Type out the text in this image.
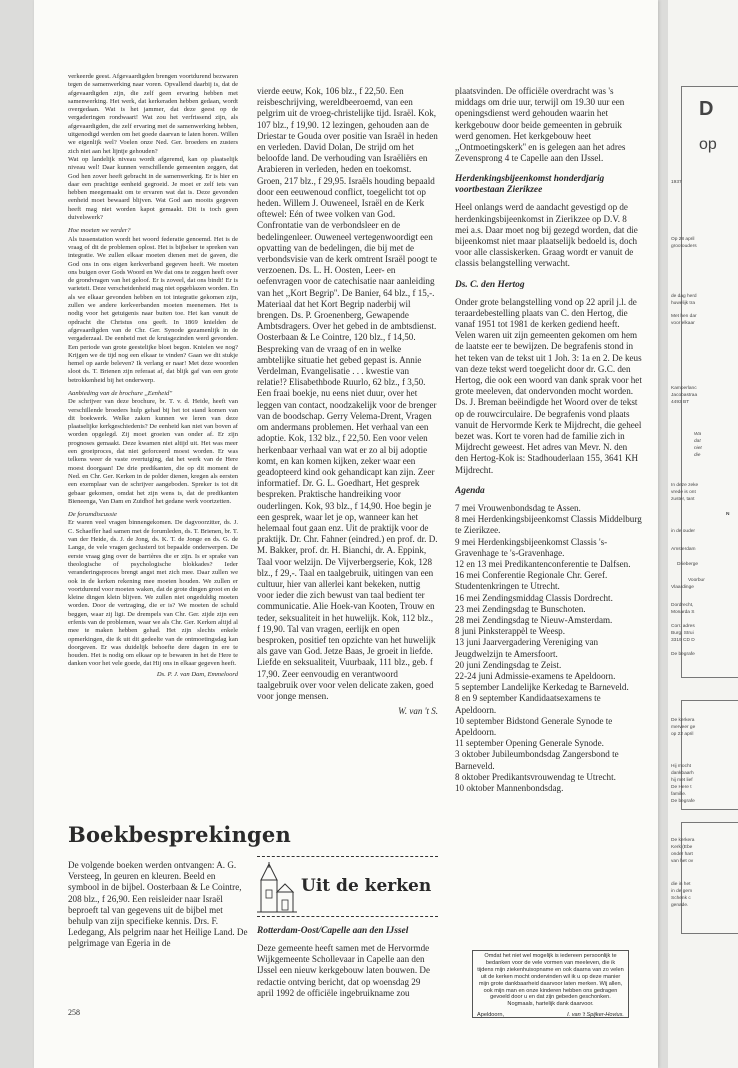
verkeerde geest. Afgevaardigden brengen voortdurend bezwaren tegen de samenwerking naar voren. Opvallend daarbij is, dat de afgevaardigden zijn, die zelf geen ervaring hebben met samenwerking. Het werk, dat kerkeraden hebben gedaan, wordt overgedaan. Wat is het jammer, dat deze geest op de vergaderingen rondwaart! Wat zou het verfrissend zijn, als afgevaardigden, die zelf ervaring met de samenwerking hebben, uitgenodigd werden om het goede daarvan te laten horen. Willen we eigenlijk wel? Voelen onze Ned. Ger. broeders en zusters zich niet aan het lijntje gehouden?

Wat op landelijk niveau wordt afgeremd, kan op plaatselijk niveau wel! Daar kunnen verschillende gemeenten zeggen, dat God hen zover heeft gebracht in de samenwerking. Er is hier en daar een prachtige eenheid gegroeid. Je moet er zelf iets van hebben meegemaakt om te ervaren wat dat is. Deze gevonden eenheid moet bewaard blijven. Wat God aan mooits gegeven heeft mag niet worden kapot gemaakt. Dit is toch geen duivelswerk?

Hoe moeten we verder?

Als tussenstation wordt het woord federatie genoemd. Het is de vraag of dit de problemen oplost. Het is bijbelser te spreken van integratie. We zullen elkaar moeten dienen met de gaven, die God ons in ons eigen kerkverband gegeven heeft. We moeten ons buigen over Gods Woord en We dat ons te zeggen heeft over de grondvragen van het geloof. Er is zoveel, dat ons bindt! Er is varieteit. Deze verscheidenheid mag niet opgeblazen worden. En als we elkaar gevonden hebben en tot integratie gekomen zijn, zullen we andere kerkverbanden moeten meenemen. Het is nodig voor het getuigenis naar buiten toe. Het kan vanuit de opdracht die Christus ons geeft. In 1869 knielden de afgevaardigden van de Chr. Ger. Synode gezamenlijk in de vergaderzaal. De eenheid met de kruisgezinden werd gevonden. Een periode van grote geestelijke bloei begon. Knielen we nog? Krijgen we de tijd nog een elkaar te vinden? Gaan we dit stukje hemel op aarde beleven? Ik verlang er naar! Met deze woorden sloot ds. T. Brienen zijn referaat af, dat blijk gaf van een grote betrokkenheid bij het onderwerp.

Aanbieding van de brochure ,,Eenheid''

De schrijver van deze brochure, br. T. v. d. Heide, heeft van verschillende broeders hulp gehad bij het tot stand komen van dit boekwerk. Welke zaken kunnen we leren van deze plaatselijke kerkgeschiedenis? De eenheid kan niet van boven af worden opgelegd. Zij moet groeien van onder af. Er zijn prognoses gemaakt. Deze kwamen niet altijd uit. Het was meer een groeiproces, dat niet geforceerd moest worden. Er was telkens weer de vaste overtuiging, dat het werk van de Here moest doorgaan! De drie predikanten, die op dit moment de Ned. en Chr. Ger. Kerken in de polder dienen, kregen als eersten een exemplaar van de schrijver aangeboden. Spreker is tot dit gebaar gekomen, omdat het zijn wens is, dat de predikanten Bieneenga, Van Dam en Zuidhof het gedane werk voortzetten.

De forumdiscussie

Er waren veel vragen binnengekomen. De dagvoorzitter, ds. J. C. Schaeffer had samen met de forumleden, ds. T. Brienen, br. T. van der Heide, ds. J. de Jong, ds. K. T. de Jonge en ds. G. de Lange, de vele vragen geclusterd tot bepaalde onderwerpen. De eerste vraag ging over de barrières die er zijn. Is er sprake van theologische of psychologische blokkades? Ieder veranderingsproces brengt angst met zich mee. Daar zullen we ook in de kerken rekening mee moeten houden. We zullen er voortdurend voor moeten waken, dat de grote dingen groot en de kleine dingen klein blijven. We zullen niet ongeduldig moeten worden. Door de vertraging, die er is? We moeten de schuld beggen, waar zij ligt. De drempels van Chr. Ger. zijde zijn een erfenis van de problemen, waar we als Chr. Ger. Kerken altijd al mee te maken hebben gehad. Het zijn slechts enkele opmerkingen, die ik uit dit gedeelte van de ontmoetingsdag kan doorgeven. Er was duidelijk behoefte dere dagen in ere te houden. Het is nodig om elkaar op te bewaren in het de Here te danken voor het vele goede, dat Hij ons in elkaar gegeven heeft.

Ds. P. J. van Dam, Emmeloord

Boekbesprekingen

De volgende boeken werden ontvangen: A. G. Versteeg, In geuren en kleuren. Beeld en symbool in de bijbel. Oosterbaan & Le Cointre, 208 blz., f 26,90. Een reisleider naar Israël beproeft tal van gegevens uit de bijbel met behulp van zijn specifieke kennis. Drs. F. Ledegang, Als pelgrim naar het Heilige Land. De pelgrimage van Egeria in de

258

vierde eeuw, Kok, 106 blz., f 22,50. Een reisbeschrijving, wereldbeeroemd, van een pelgrim uit de vroeg-christelijke tijd. Israël. Kok, 107 blz., f 19,90. 12 lezingen, gehouden aan de Driestar te Gouda over positie van Israël in heden en verleden. David Dolan, De strijd om het beloofde land. De verhouding van Israëliërs en Arabieren in verleden, heden en toekomst. Groen, 217 blz., f 29,95. Israëls houding bepaald door een eeuwenoud conflict, toegelicht tot op heden. Willem J. Ouweneel, Israël en de Kerk oftewel: Eén of twee volken van God. Confrontatie van de verbondsleer en de bedelingenleer. Ouweneel vertegenwoordigt een opvatting van de bedelingen, die bij met de verbondsvisie van de kerk omtrent Israël poogt te verzoenen. Ds. L. H. Oosten, Leer- en oefenvragen voor de catechisatie naar aanleiding van het ,,Kort Begrip''. De Banier, 64 blz., f 15,-. Materiaal dat het Kort Begrip naderbij wil brengen. Ds. P. Groenenberg, Gewapende Ambtsdragers. Over het gebed in de ambtsdienst. Oosterbaan & Le Cointre, 120 blz., f 14,50. Bespreking van de vraag of en in welke ambtelijke situatie het gebed gepast is. Annie Verdelman, Evangelisatie . . . kwestie van relatie!? Elisabethbode Ruurlo, 62 blz., f 3,50. Een fraai boekje, nu eens niet duur, over het leggen van contact, noodzakelijk voor de brenger van de boodschap. Gerry Velema-Drent, Vragen om andermans problemen. Het verhaal van een adoptie. Kok, 132 blz., f 22,50. Een voor velen herkenbaar verhaal van wat er zo al bij adoptie komt, en kan komen kijken, zeker waar een geadopteerd kind ook gehandicapt kan zijn. Zeer informatief. Dr. G. L. Goedhart, Het gesprek bespreken. Praktische handreiking voor ouderlingen. Kok, 93 blz., f 14,90. Hoe begin je een gesprek, waar let je op, wanneer kan het helemaal fout gaan enz. Uit de praktijk voor de praktijk. Dr. Chr. Fahner (eindred.) en prof. dr. D. M. Bakker, prof. dr. H. Bianchi, dr. A. Eppink, Taal voor welzijn. De Vijverbergserie, Kok, 128 blz., f 29,-. Taal en taalgebruik, uitingen van een cultuur, hier van allerlei kant bekeken, nuttig voor ieder die zich bewust van taal bedient ter communicatie. Alie Hoek-van Kooten, Trouw en teder, seksualiteit in het huwelijk. Kok, 112 blz., f 19,90. Tal van vragen, eerlijk en open besproken, positief ten opzichte van het huwelijk als gave van God. Jetze Baas, Je groeit in liefde. Liefde en seksualiteit, Vuurbaak, 111 blz., geb. f 17,90. Zeer eenvoudig en verantwoord taalgebruik over voor velen delicate zaken, goed voor jonge mensen.

W. van 't S.

Uit de kerken
Rotterdam-Oost/Capelle aan den IJssel

Deze gemeente heeft samen met de Hervormde Wijkgemeente Schollevaar in Capelle aan den IJssel een nieuw kerkgebouw laten bouwen. De redactie ontving bericht, dat op woensdag 29 april 1992 de officiële ingebruikname zou

plaatsvinden. De officiële overdracht was 's middags om drie uur, terwijl om 19.30 uur een openingsdienst werd gehouden waarin het kerkgebouw door beide gemeenten in gebruik werd genomen. Het kerkgebouw heet ,,Ontmoetingskerk'' en is gelegen aan het adres Zevensprong 4 te Capelle aan den IJssel.

Herdenkingsbijeenkomst honderdjarig voortbestaan Zierikzee

Heel onlangs werd de aandacht gevestigd op de herdenkingsbijeenkomst in Zierikzee op D.V. 8 mei a.s. Daar moet nog bij gezegd worden, dat die bijeenkomst niet maar plaatselijk bedoeld is, doch voor alle classiskerken. Graag wordt er vanuit de classis belangstelling verwacht.

Ds. C. den Hertog

Onder grote belangstelling vond op 22 april j.l. de teraardebestelling plaats van C. den Hertog, die vanaf 1951 tot 1981 de kerken gediend heeft. Velen waren uit zijn gemeenten gekomen om hem de laatste eer te bewijzen. De begrafenis stond in het teken van de tekst uit 1 Joh. 3: 1a en 2. De keus van deze tekst werd toegelicht door dr. G.C. den Hertog, die ook een woord van dank sprak voor het grote meeleven, dat ondervonden mocht worden. Ds. J. Breman beëindigde het Woord over de tekst op de rouwcirculaire. De begrafenis vond plaats vanuit de Hervormde Kerk te Mijdrecht, die geheel bezet was. Kort te voren had de familie zich in Mijdrecht geweest. Het adres van Mevr. N. den den Hertog-Kok is: Stadhouderlaan 155, 3641 KH Mijdrecht.

Agenda

7 mei Vrouwenbondsdag te Assen.

8 mei Herdenkingsbijeenkomst Classis Middelburg te Zierikzee.

9 mei Herdenkingsbijeenkomst Classis 's-Gravenhage te 's-Gravenhage.

12 en 13 mei Predikantenconferentie te Dalfsen.

16 mei Conferentie Regionale Chr. Geref. Studentenkringen te Utrecht.

16 mei Zendingsmiddag Classis Dordrecht.

23 mei Zendingsdag te Bunschoten.

28 mei Zendingsdag te Nieuw-Amsterdam.

8 juni Pinksterappèl te Weesp.

13 juni Jaarvergadering Vereniging van Jeugdwelzijn te Amersfoort.

20 juni Zendingsdag te Zeist.

22-24 juni Admissie-examens te Apeldoorn.

5 september Landelijke Kerkedag te Barneveld.

8 en 9 september Kandidaatsexamens te Apeldoorn.

10 september Bidstond Generale Synode te Apeldoorn.

11 september Opening Generale Synode.

3 oktober Jubileumbondsdag Zangersbond te Barneveld.

8 oktober Predikantsvrouwendag te Utrecht.

10 oktober Mannenbondsdag.

Omdat het niet wel mogelijk is iedereen persoonlijk te bedanken voor de vele vormen van meeleven, die ik tijdens mijn ziekenhuisopname en ook daarna van zo velen uit de kerken mocht ondervinden wil ik u op deze manier mijn grote dankbaarheid daarvoor laten merken. Wij allen, ook mijn man en onze kinderen hebben ons gedragen gevoeld door u en dat zijn gebeden geschonken. Nogmaals, hartelijk dank daarvoor.
Apeldoorn,	I. van 't Spijker-Hovius.
D
op
1937
Op 28 april
grootouders
de dag herd
huwelijk tra
Met hen dar
voor elkaar
Kamperlanc
Jacobastraa
4493 BT
Wa
dat
niet
die
In deze zeke
vrede is ont
zuster, tant
N
in de ouder
Amsterdam
Drieberge
Voorbur
Vlaardinge
Dordrecht,
Monarda S
Corr. adres
Burg. Strui
3319 CD D
De begrafe
De kerkera
merveer ge
op 22 april
Hij mocht
dankbaarh
hij met lief
De Here t
familie.
De begrafe
De kerkera
Kerk (Ebe
onder hart
van het ov
die in het
in de gem
Schenk c
genade.
